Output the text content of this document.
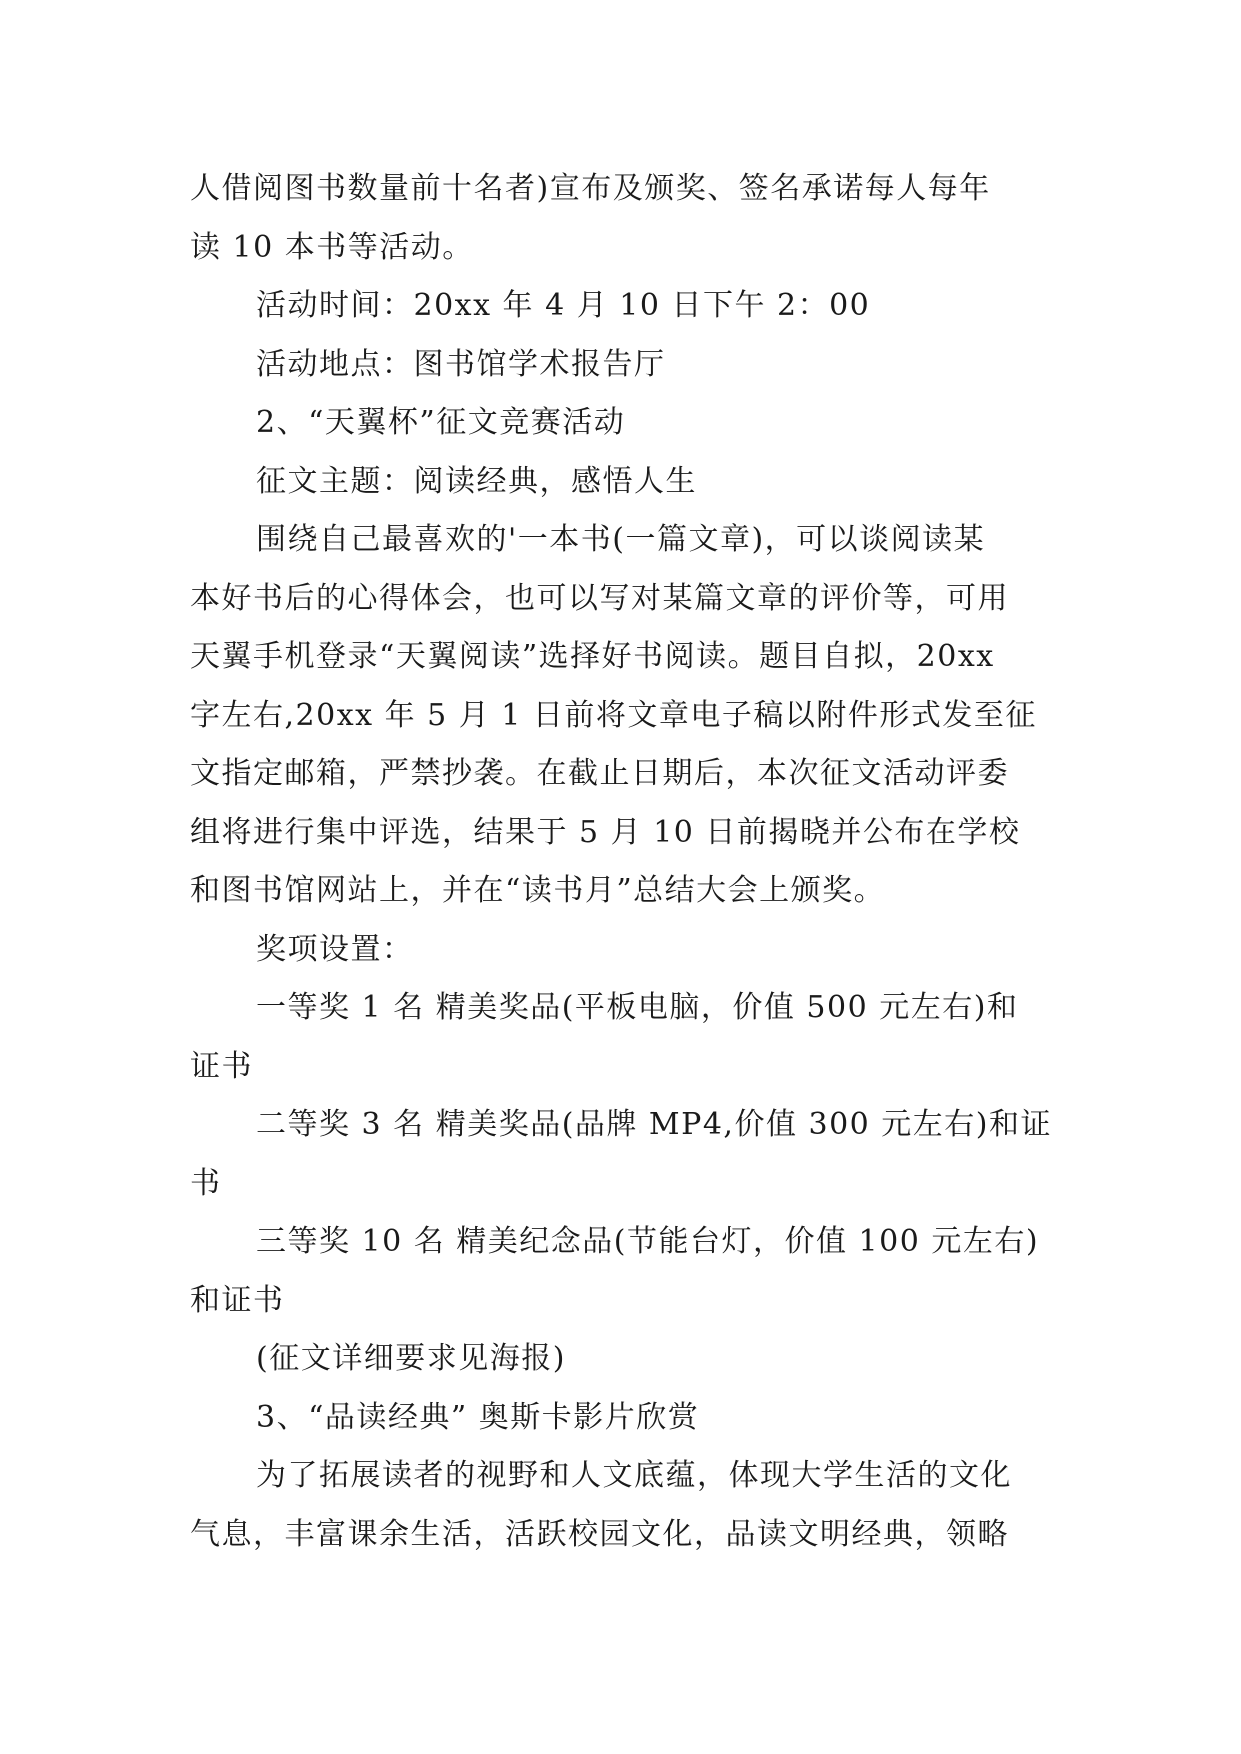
人借阅图书数量前十名者)宣布及颁奖、签名承诺每人每年
读 10 本书等活动。
活动时间：20xx 年 4 月 10 日下午 2：00
活动地点：图书馆学术报告厅
2、“天翼杯”征文竞赛活动
征文主题：阅读经典，感悟人生
围绕自己最喜欢的'一本书(一篇文章)，可以谈阅读某
本好书后的心得体会，也可以写对某篇文章的评价等，可用
天翼手机登录“天翼阅读”选择好书阅读。题目自拟，20xx
字左右,20xx 年 5 月 1 日前将文章电子稿以附件形式发至征
文指定邮箱，严禁抄袭。在截止日期后，本次征文活动评委
组将进行集中评选，结果于 5 月 10 日前揭晓并公布在学校
和图书馆网站上，并在“读书月”总结大会上颁奖。
奖项设置：
一等奖 1 名 精美奖品(平板电脑，价值 500 元左右)和
证书
二等奖 3 名 精美奖品(品牌 MP4,价值 300 元左右)和证
书
三等奖 10 名 精美纪念品(节能台灯，价值 100 元左右)
和证书
(征文详细要求见海报)
3、“品读经典” 奥斯卡影片欣赏
为了拓展读者的视野和人文底蕴，体现大学生活的文化
气息，丰富课余生活，活跃校园文化，品读文明经典，领略
